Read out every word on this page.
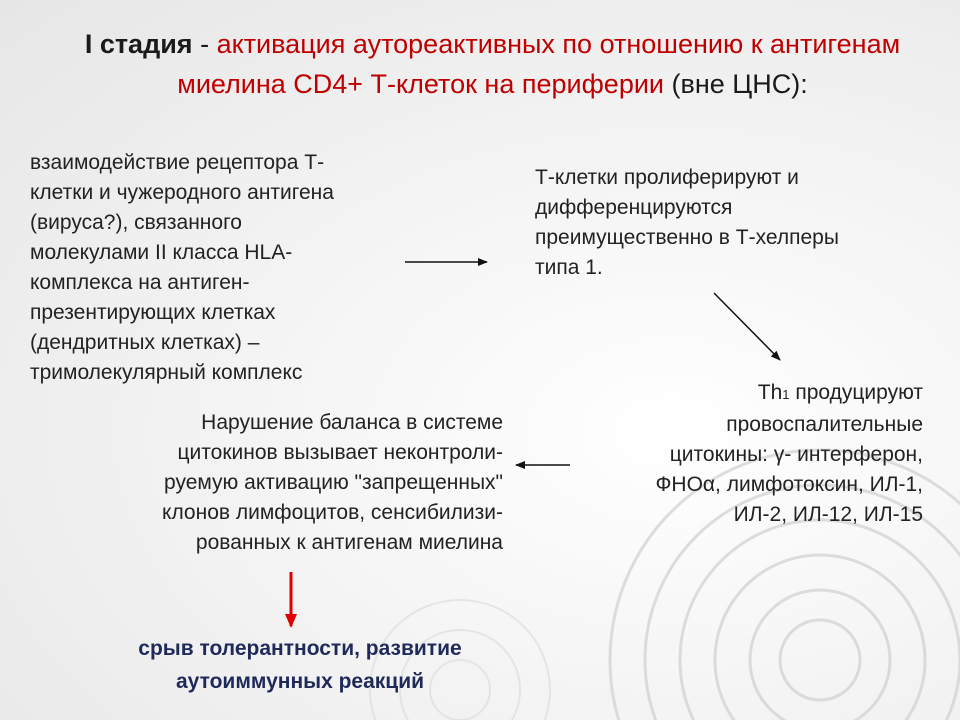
I стадия - активация аутореактивных по отношению к антигенам миелина CD4+ Т-клеток на периферии (вне ЦНС):
взаимодействие рецептора Т-
клетки и чужеродного антигена
(вируса?), связанного
молекулами II класса HLA-
комплекса на антиген-
презентирующих клетках
(дендритных клетках) –
тримолекулярный комплекс
Т-клетки пролиферируют и
дифференцируются
преимущественно в Т-хелперы
типа 1.
Th1 продуцируют
провоспалительные
цитокины: γ- интерферон,
ФНОα, лимфотоксин, ИЛ-1,
ИЛ-2, ИЛ-12, ИЛ-15
Нарушение баланса в системе
цитокинов вызывает неконтроли-
руемую активацию "запрещенных"
клонов лимфоцитов, сенсибилизи-
рованных к антигенам миелина
срыв толерантности, развитие
аутоиммунных реакций
